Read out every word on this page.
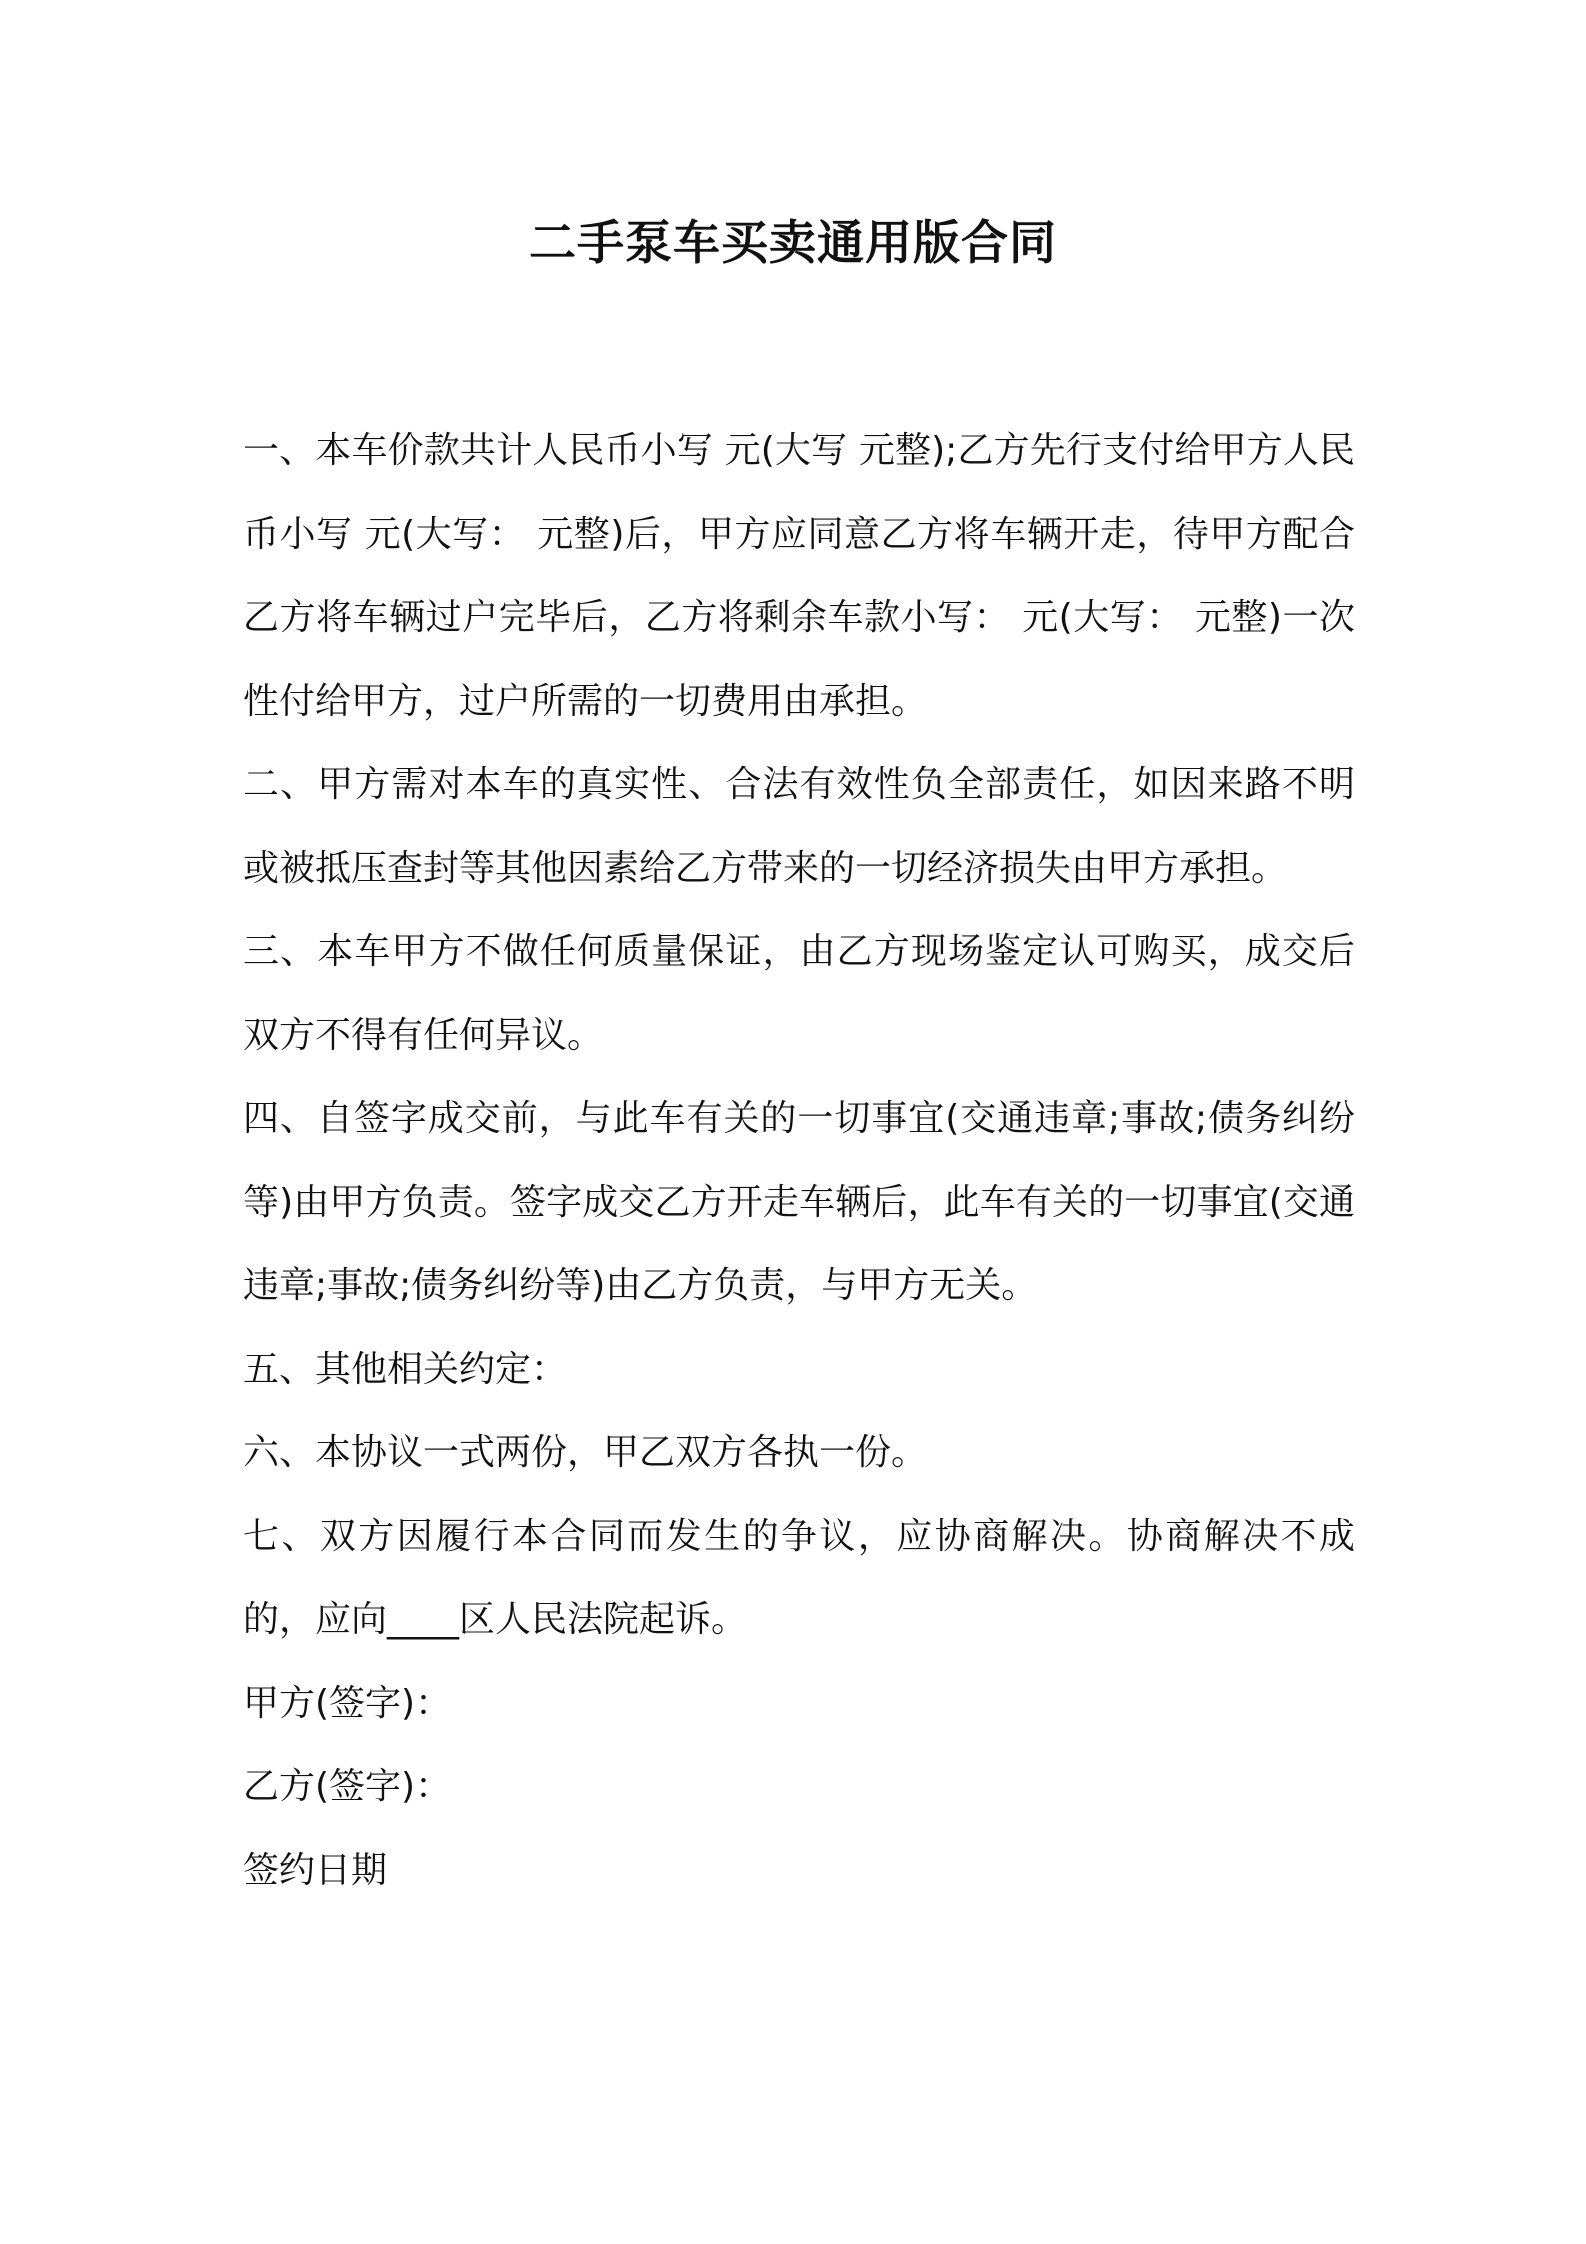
二手泵车买卖通用版合同

一、本车价款共计人民币小写 元(大写 元整);乙方先行支付给甲方人民币小写 元(大写： 元整)后，甲方应同意乙方将车辆开走，待甲方配合乙方将车辆过户完毕后，乙方将剩余车款小写： 元(大写： 元整)一次性付给甲方，过户所需的一切费用由承担。

二、甲方需对本车的真实性、合法有效性负全部责任，如因来路不明或被抵压查封等其他因素给乙方带来的一切经济损失由甲方承担。

三、本车甲方不做任何质量保证，由乙方现场鉴定认可购买，成交后双方不得有任何异议。

四、自签字成交前，与此车有关的一切事宜(交通违章;事故;债务纠纷等)由甲方负责。签字成交乙方开走车辆后，此车有关的一切事宜(交通违章;事故;债务纠纷等)由乙方负责，与甲方无关。

五、其他相关约定：

六、本协议一式两份，甲乙双方各执一份。

七、双方因履行本合同而发生的争议，应协商解决。协商解决不成的，应向____区人民法院起诉。

甲方(签字)：

乙方(签字)：

签约日期
